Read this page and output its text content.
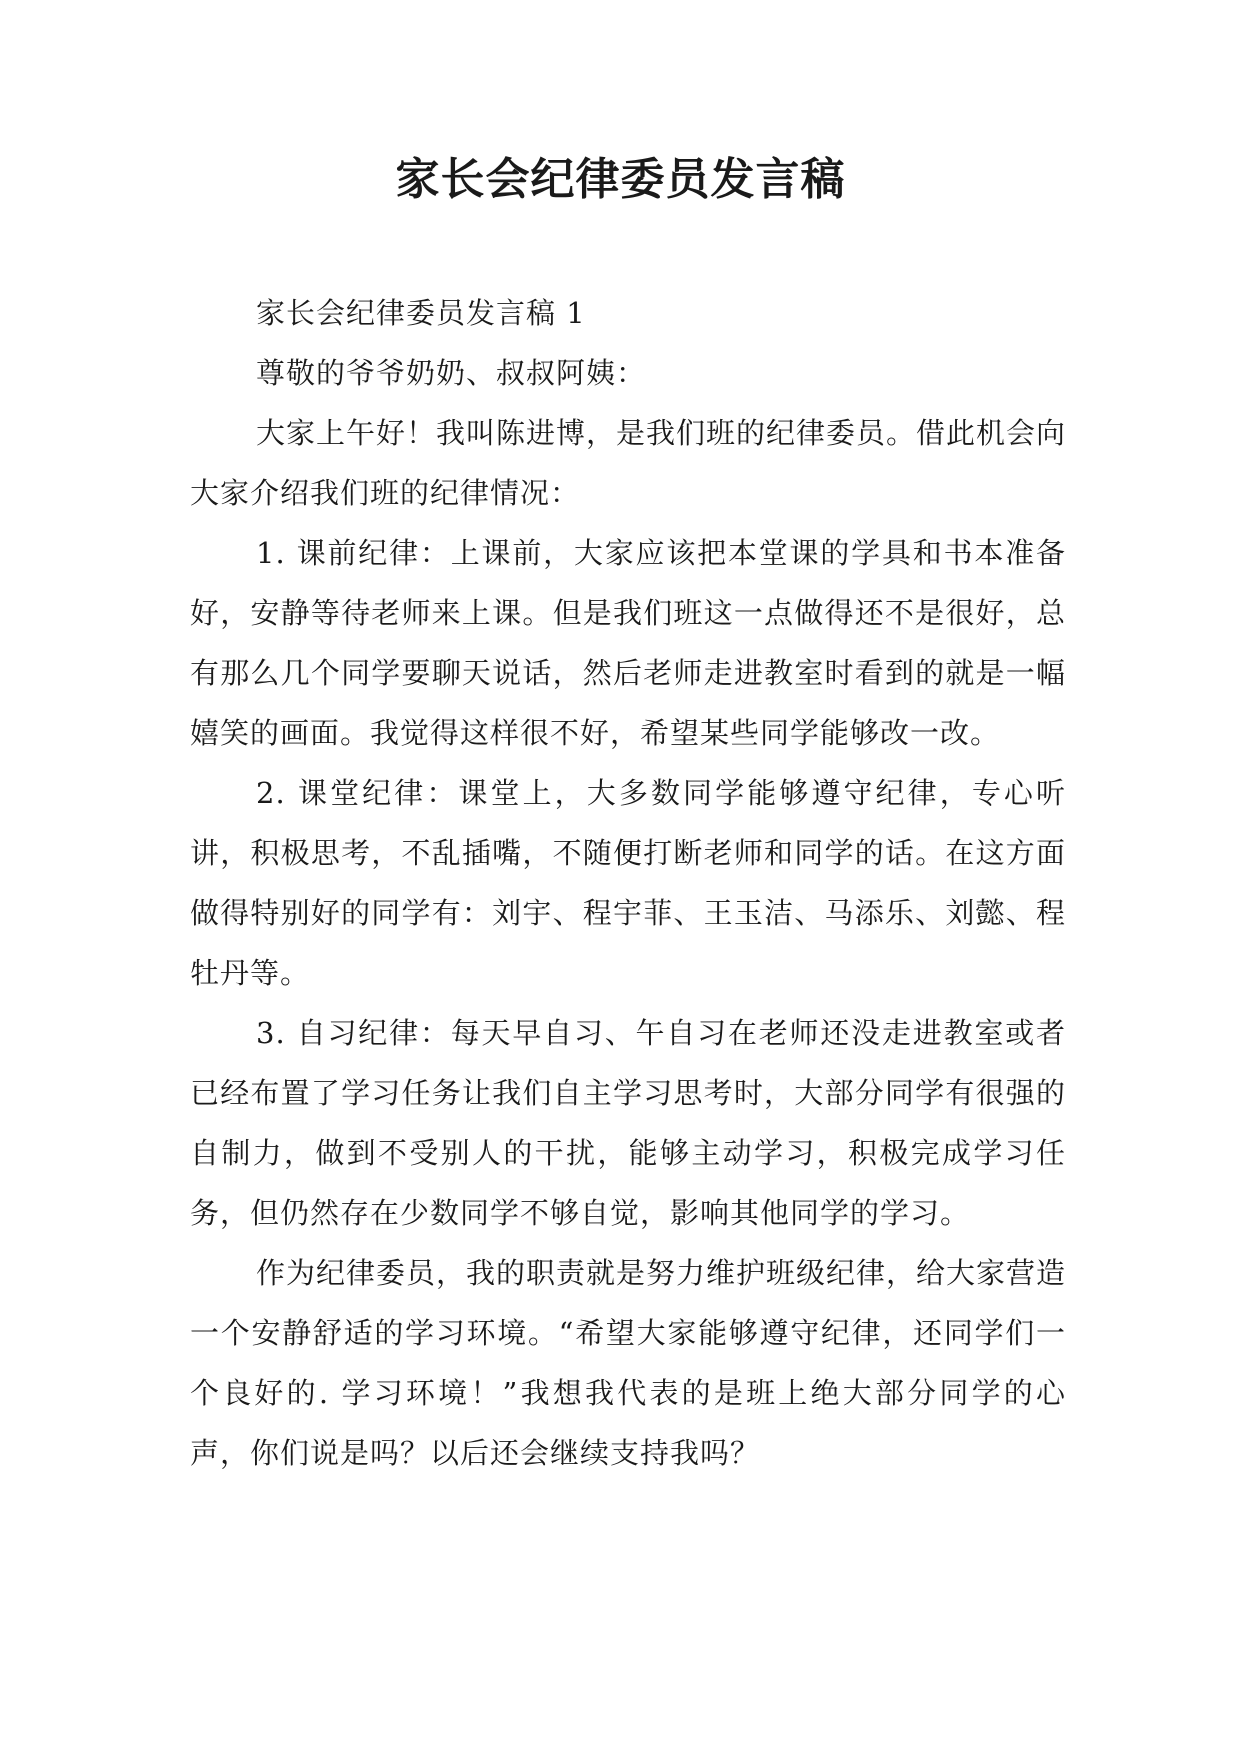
家长会纪律委员发言稿

家长会纪律委员发言稿 1

尊敬的爷爷奶奶、叔叔阿姨：

大家上午好！我叫陈进博，是我们班的纪律委员。借此机会向大家介绍我们班的纪律情况：

1. 课前纪律：上课前，大家应该把本堂课的学具和书本准备好，安静等待老师来上课。但是我们班这一点做得还不是很好，总有那么几个同学要聊天说话，然后老师走进教室时看到的就是一幅嬉笑的画面。我觉得这样很不好，希望某些同学能够改一改。

2. 课堂纪律：课堂上，大多数同学能够遵守纪律，专心听讲，积极思考，不乱插嘴，不随便打断老师和同学的话。在这方面做得特别好的同学有：刘宇、程宇菲、王玉洁、马添乐、刘懿、程牡丹等。

3. 自习纪律：每天早自习、午自习在老师还没走进教室或者已经布置了学习任务让我们自主学习思考时，大部分同学有很强的自制力，做到不受别人的干扰，能够主动学习，积极完成学习任务，但仍然存在少数同学不够自觉，影响其他同学的学习。

作为纪律委员，我的职责就是努力维护班级纪律，给大家营造一个安静舒适的学习环境。“希望大家能够遵守纪律，还同学们一个良好的. 学习环境！”我想我代表的是班上绝大部分同学的心声，你们说是吗？以后还会继续支持我吗？
